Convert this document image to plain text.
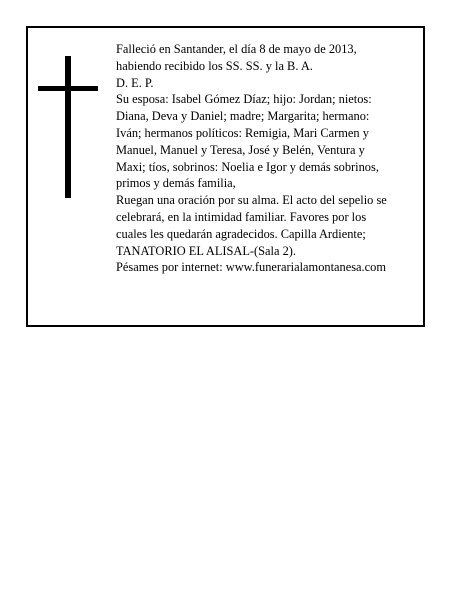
Falleció en Santander, el día 8 de mayo de 2013,
habiendo recibido los SS. SS. y la B. A.
D. E. P.
Su esposa: Isabel Gómez Díaz; hijo: Jordan; nietos:
Diana, Deva y Daniel; madre; Margarita; hermano:
Iván; hermanos políticos: Remigia, Mari Carmen y
Manuel, Manuel y Teresa, José y Belén, Ventura y
Maxi; tíos, sobrinos: Noelia e Igor y demás sobrinos,
primos y demás familia,
Ruegan una oración por su alma. El acto del sepelio se
celebrará, en la intimidad familiar. Favores por los
cuales les quedarán agradecidos. Capilla Ardiente;
TANATORIO EL ALISAL-(Sala 2).
Pésames por internet: www.funerarialamontanesa.com
